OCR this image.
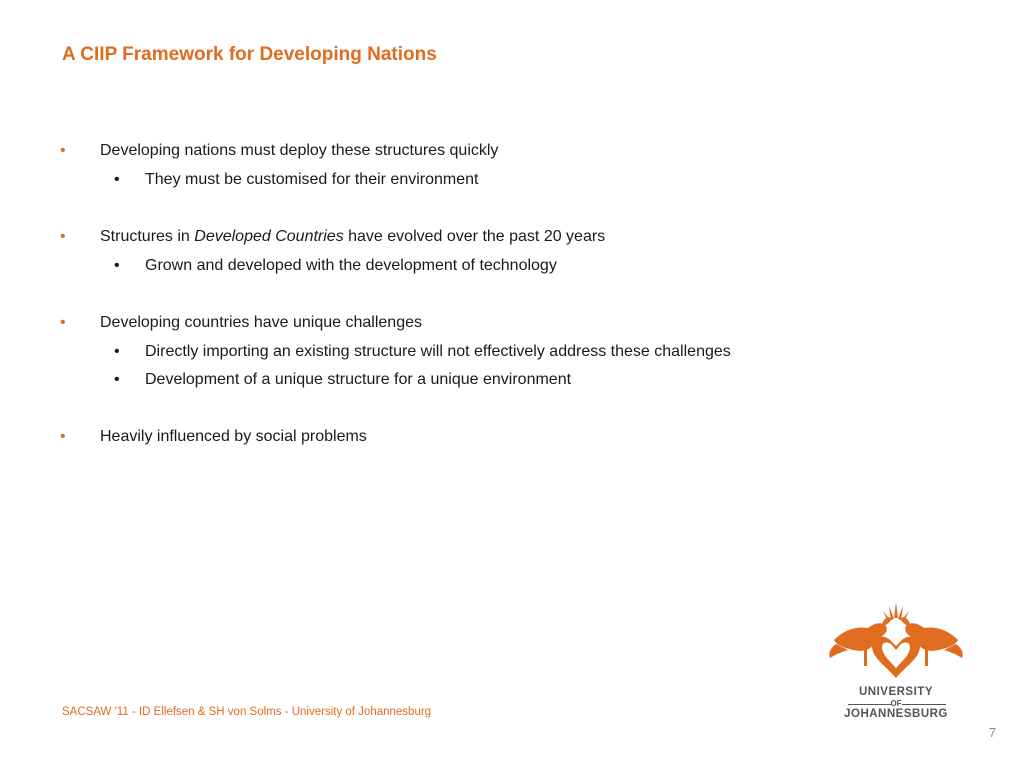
A CIIP Framework for Developing Nations
• Developing nations must deploy these structures quickly
• They must be customised for their environment
• Structures in Developed Countries have evolved over the past 20 years
• Grown and developed with the development of technology
• Developing countries have unique challenges
• Directly importing an existing structure will not effectively address these challenges
• Development of a unique structure for a unique environment
• Heavily influenced by social problems
SACSAW '11 - ID Ellefsen & SH von Solms - University of Johannesburg
7
UNIVERSITY
OF
JOHANNESBURG
